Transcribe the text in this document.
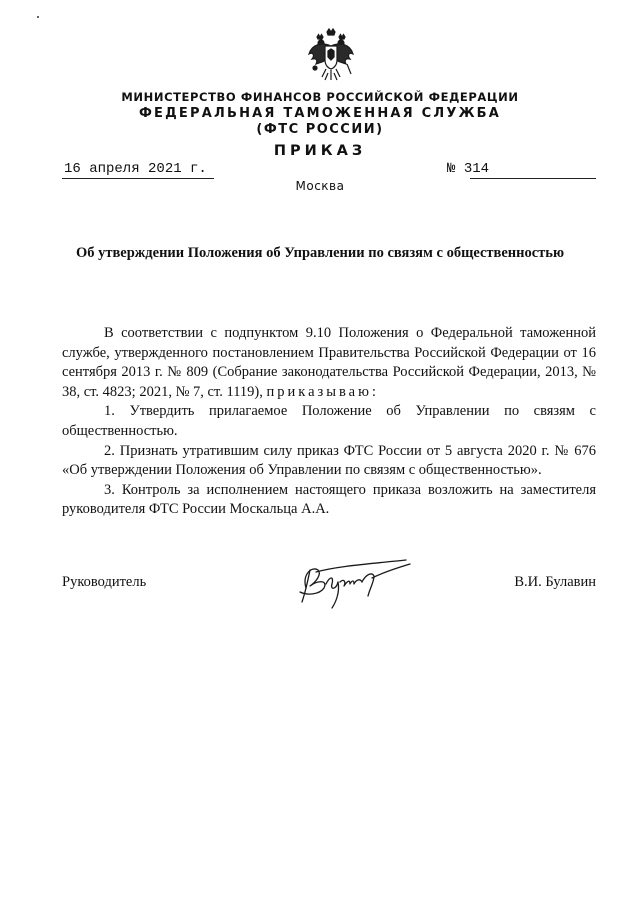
МИНИСТЕРСТВО ФИНАНСОВ РОССИЙСКОЙ ФЕДЕРАЦИИ
ФЕДЕРАЛЬНАЯ ТАМОЖЕННАЯ СЛУЖБА
(ФТС РОССИИ)
ПРИКАЗ
16 апреля 2021 г.	№ 314
Москва
Об утверждении Положения об Управлении по связям с общественностью

В соответствии с подпунктом 9.10 Положения о Федеральной таможенной службе, утвержденного постановлением Правительства Российской Федерации от 16 сентября 2013 г. № 809 (Собрание законодательства Российской Федерации, 2013, № 38, ст. 4823; 2021, № 7, ст. 1119), приказываю:

1. Утвердить прилагаемое Положение об Управлении по связям с общественностью.

2. Признать утратившим силу приказ ФТС России от 5 августа 2020 г. № 676 «Об утверждении Положения об Управлении по связям с общественностью».

3. Контроль за исполнением настоящего приказа возложить на заместителя руководителя ФТС России Москальца А.А.

Руководитель	В.И. Булавин
